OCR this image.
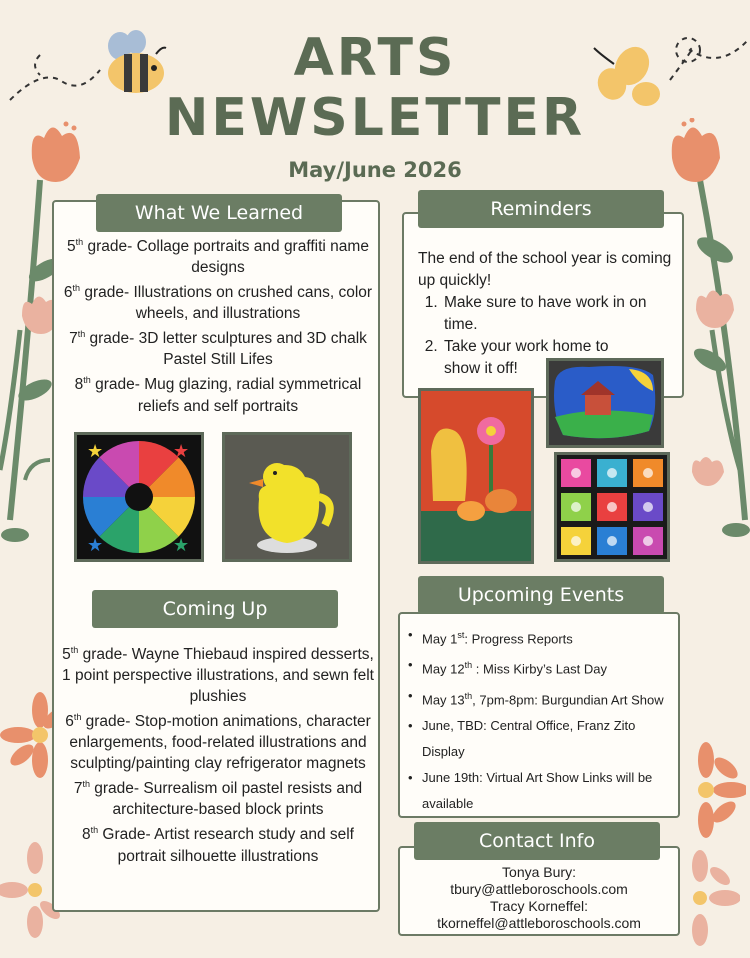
ARTS
NEWSLETTER
May/June 2026
What We Learned
5th grade- Collage portraits and graffiti name designs
6th grade- Illustrations on crushed cans, color wheels, and illustrations
7th grade- 3D letter sculptures and 3D chalk Pastel Still Lifes
8th grade- Mug glazing, radial symmetrical reliefs and self portraits
★	★
★	★
Coming Up
5th grade- Wayne Thiebaud inspired desserts, 1 point perspective illustrations, and sewn felt plushies
6th grade- Stop-motion animations, character enlargements, food-related illustrations and sculpting/painting clay refrigerator magnets
7th grade- Surrealism oil pastel resists and architecture-based block prints
8th Grade- Artist research study and self portrait silhouette illustrations
Reminders
The end of the school year is coming up quickly!
1. Make sure to have work in on time.
2. Take your work home to show it off!
Upcoming Events
• May 1st: Progress Reports
• May 12th : Miss Kirby’s Last Day
• May 13th, 7pm-8pm: Burgundian Art Show
• June, TBD: Central Office, Franz Zito Display
• June 19th: Virtual Art Show Links will be available
Contact Info
Tonya Bury:
tbury@attleboroschools.com
Tracy Korneffel:
tkorneffel@attleboroschools.com
